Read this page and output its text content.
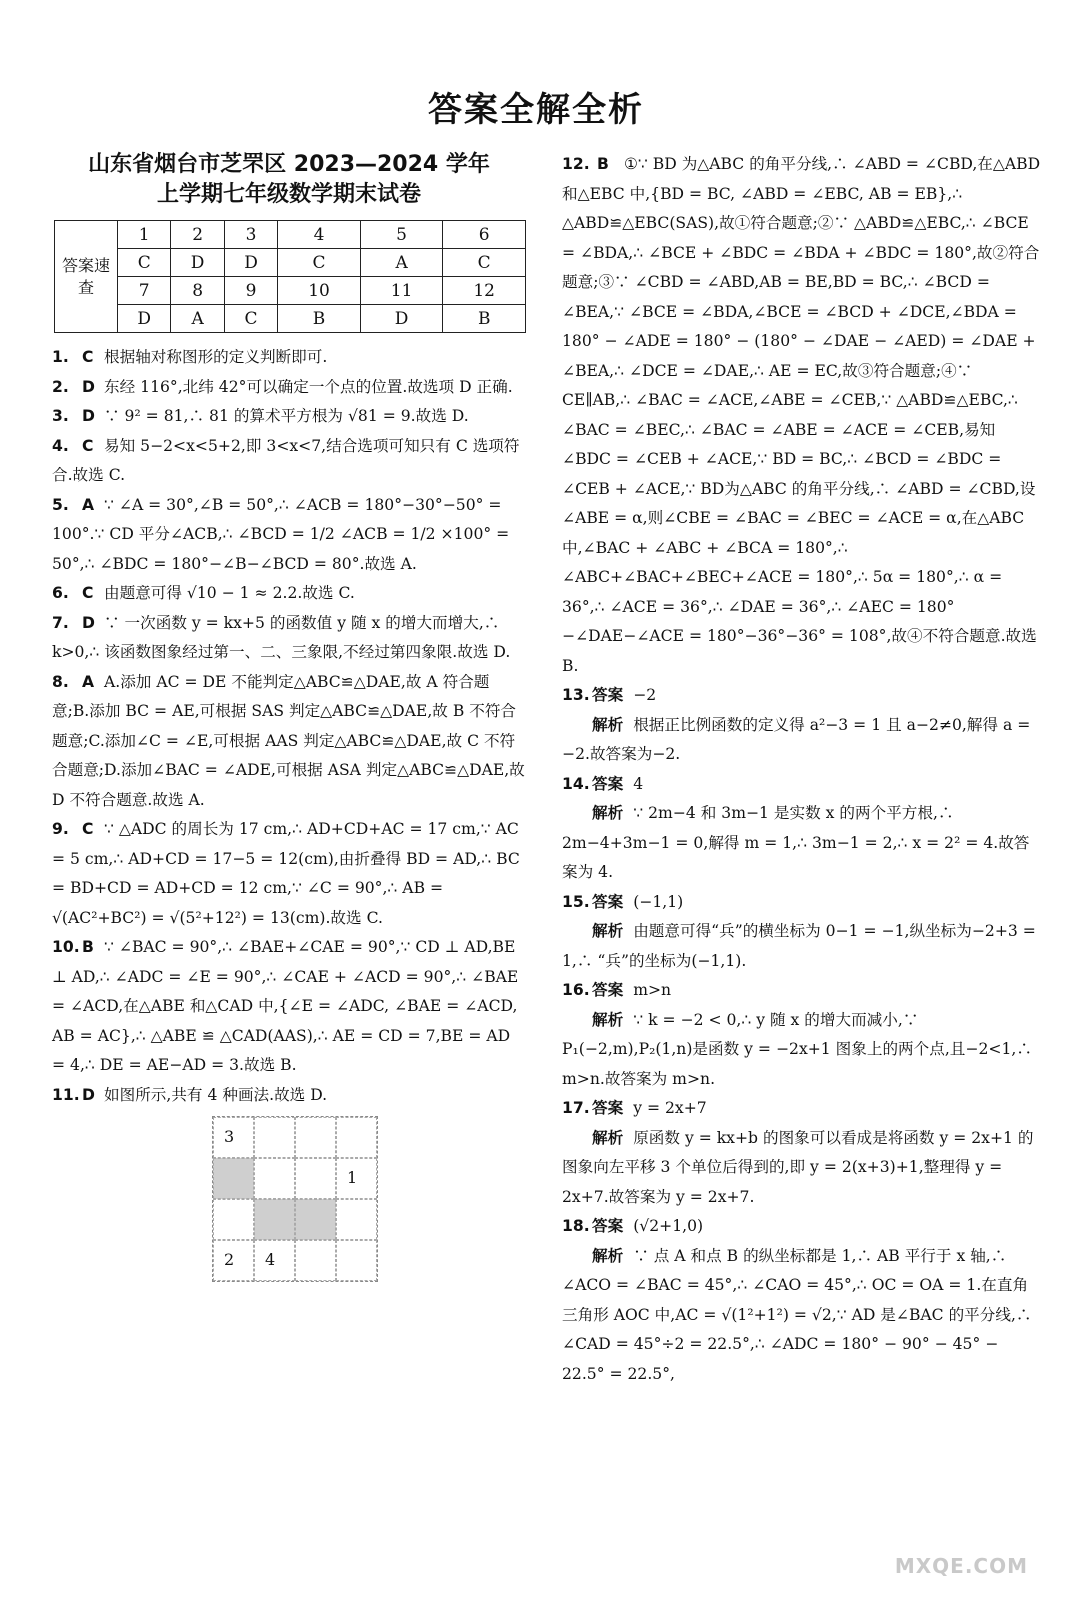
答案全解全析
山东省烟台市芝罘区 2023—2024 学年
上学期七年级数学期末试卷
答案速查	1	2	3	4	5	6
	C	D	D	C	A	C
	7	8	9	10	11	12
	D	A	C	B	D	B

1. C 根据轴对称图形的定义判断即可.

2. D 东经 116°,北纬 42°可以确定一个点的位置.故选项 D 正确.

3. D ∵ 9² = 81,∴ 81 的算术平方根为 √81 = 9.故选 D.

4. C 易知 5−2<x<5+2,即 3<x<7,结合选项可知只有 C 选项符合.故选 C.

5. A ∵ ∠A = 30°,∠B = 50°,∴ ∠ACB = 180°−30°−50° = 100°.∵ CD 平分∠ACB,∴ ∠BCD = 1/2 ∠ACB = 1/2 ×100° = 50°,∴ ∠BDC = 180°−∠B−∠BCD = 80°.故选 A.

6. C 由题意可得 √10 − 1 ≈ 2.2.故选 C.

7. D ∵ 一次函数 y = kx+5 的函数值 y 随 x 的增大而增大,∴ k>0,∴ 该函数图象经过第一、二、三象限,不经过第四象限.故选 D.

8. A A.添加 AC = DE 不能判定△ABC≌△DAE,故 A 符合题意;B.添加 BC = AE,可根据 SAS 判定△ABC≌△DAE,故 B 不符合题意;C.添加∠C = ∠E,可根据 AAS 判定△ABC≌△DAE,故 C 不符合题意;D.添加∠BAC = ∠ADE,可根据 ASA 判定△ABC≌△DAE,故 D 不符合题意.故选 A.

9. C ∵ △ADC 的周长为 17 cm,∴ AD+CD+AC = 17 cm,∵ AC = 5 cm,∴ AD+CD = 17−5 = 12(cm),由折叠得 BD = AD,∴ BC = BD+CD = AD+CD = 12 cm,∵ ∠C = 90°,∴ AB = √(AC²+BC²) = √(5²+12²) = 13(cm).故选 C.

10. B ∵ ∠BAC = 90°,∴ ∠BAE+∠CAE = 90°,∵ CD ⊥ AD,BE ⊥ AD,∴ ∠ADC = ∠E = 90°,∴ ∠CAE + ∠ACD = 90°,∴ ∠BAE = ∠ACD,在△ABE 和△CAD 中,{∠E = ∠ADC, ∠BAE = ∠ACD, AB = AC},∴ △ABE ≌ △CAD(AAS),∴ AE = CD = 7,BE = AD = 4,∴ DE = AE−AD = 3.故选 B.

11. D 如图所示,共有 4 种画法.故选 D.

3
1
2 4

12. B ①∵ BD 为△ABC 的角平分线,∴ ∠ABD = ∠CBD,在△ABD 和△EBC 中,{BD = BC, ∠ABD = ∠EBC, AB = EB},∴ △ABD≌△EBC(SAS),故①符合题意;②∵ △ABD≌△EBC,∴ ∠BCE = ∠BDA,∴ ∠BCE + ∠BDC = ∠BDA + ∠BDC = 180°,故②符合题意;③∵ ∠CBD = ∠ABD,AB = BE,BD = BC,∴ ∠BCD = ∠BEA,∵ ∠BCE = ∠BDA,∠BCE = ∠BCD + ∠DCE,∠BDA = 180° − ∠ADE = 180° − (180° − ∠DAE − ∠AED) = ∠DAE + ∠BEA,∴ ∠DCE = ∠DAE,∴ AE = EC,故③符合题意;④∵ CE∥AB,∴ ∠BAC = ∠ACE,∠ABE = ∠CEB,∵ △ABD≌△EBC,∴ ∠BAC = ∠BEC,∴ ∠BAC = ∠ABE = ∠ACE = ∠CEB,易知∠BDC = ∠CEB + ∠ACE,∵ BD = BC,∴ ∠BCD = ∠BDC = ∠CEB + ∠ACE,∵ BD为△ABC 的角平分线,∴ ∠ABD = ∠CBD,设∠ABE = α,则∠CBE = ∠BAC = ∠BEC = ∠ACE = α,在△ABC 中,∠BAC + ∠ABC + ∠BCA = 180°,∴ ∠ABC+∠BAC+∠BEC+∠ACE = 180°,∴ 5α = 180°,∴ α = 36°,∴ ∠ACE = 36°,∴ ∠DAE = 36°,∴ ∠AEC = 180°−∠DAE−∠ACE = 180°−36°−36° = 108°,故④不符合题意.故选 B.

13. 答案 −2
解析 根据正比例函数的定义得 a²−3 = 1 且 a−2≠0,解得 a = −2.故答案为−2.

14. 答案 4
解析 ∵ 2m−4 和 3m−1 是实数 x 的两个平方根,∴ 2m−4+3m−1 = 0,解得 m = 1,∴ 3m−1 = 2,∴ x = 2² = 4.故答案为 4.

15. 答案 (−1,1)
解析 由题意可得“兵”的横坐标为 0−1 = −1,纵坐标为−2+3 = 1,∴ “兵”的坐标为(−1,1).

16. 答案 m>n
解析 ∵ k = −2 < 0,∴ y 随 x 的增大而减小,∵ P₁(−2,m),P₂(1,n)是函数 y = −2x+1 图象上的两个点,且−2<1,∴ m>n.故答案为 m>n.

17. 答案 y = 2x+7
解析 原函数 y = kx+b 的图象可以看成是将函数 y = 2x+1 的图象向左平移 3 个单位后得到的,即 y = 2(x+3)+1,整理得 y = 2x+7.故答案为 y = 2x+7.

18. 答案 (√2+1,0)
解析 ∵ 点 A 和点 B 的纵坐标都是 1,∴ AB 平行于 x 轴,∴ ∠ACO = ∠BAC = 45°,∴ ∠CAO = 45°,∴ OC = OA = 1.在直角三角形 AOC 中,AC = √(1²+1²) = √2,∵ AD 是∠BAC 的平分线,∴ ∠CAD = 45°÷2 = 22.5°,∴ ∠ADC = 180° − 90° − 45° − 22.5° = 22.5°,

MXQE.COM
